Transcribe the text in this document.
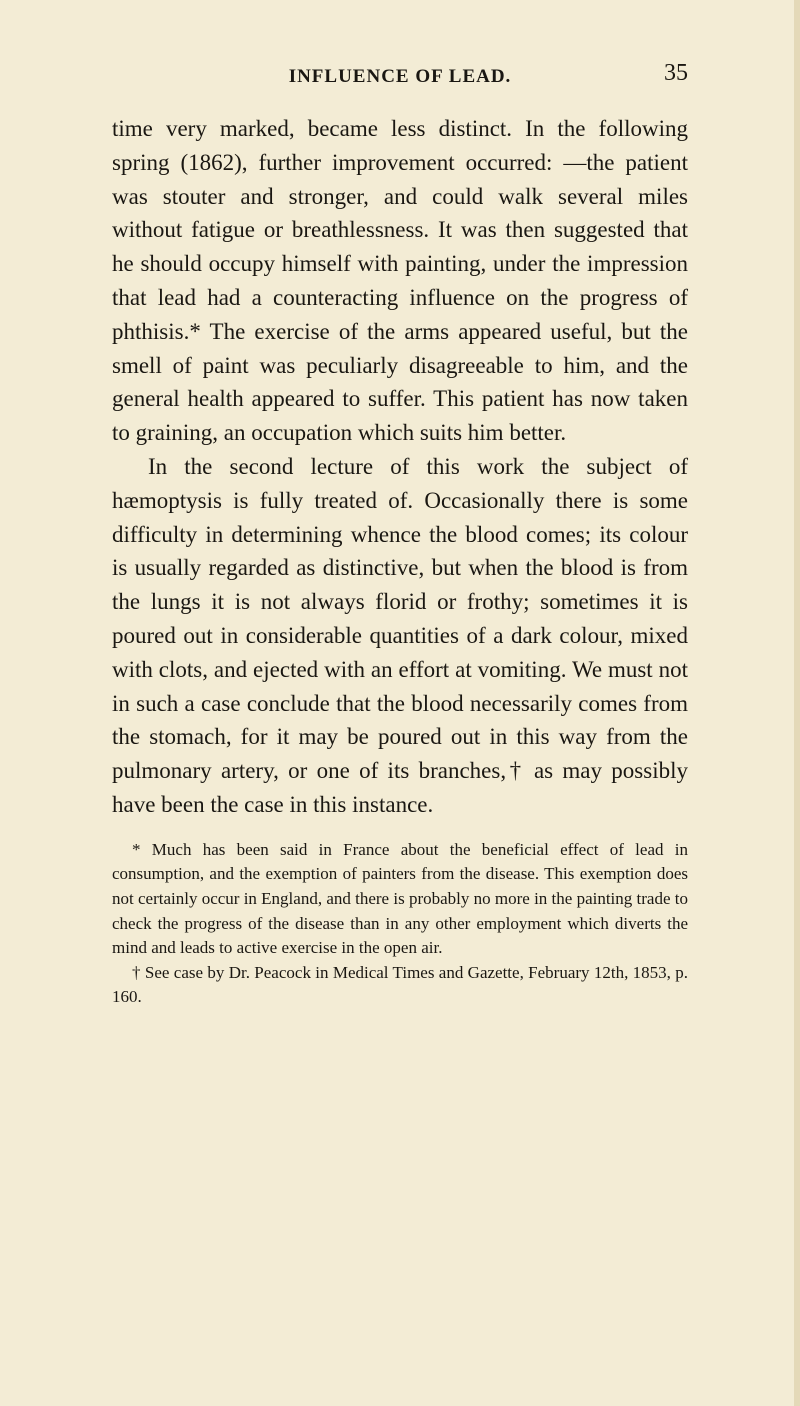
INFLUENCE OF LEAD.	35

time very marked, became less distinct. In the following spring (1862), further improvement occurred: —the patient was stouter and stronger, and could walk several miles without fatigue or breathlessness. It was then suggested that he should occupy himself with painting, under the impression that lead had a counteracting influence on the progress of phthisis.* The exercise of the arms appeared useful, but the smell of paint was peculiarly disagreeable to him, and the general health appeared to suffer. This patient has now taken to graining, an occupation which suits him better.

In the second lecture of this work the subject of hæmoptysis is fully treated of. Occasionally there is some difficulty in determining whence the blood comes; its colour is usually regarded as distinctive, but when the blood is from the lungs it is not always florid or frothy; sometimes it is poured out in considerable quantities of a dark colour, mixed with clots, and ejected with an effort at vomiting. We must not in such a case conclude that the blood necessarily comes from the stomach, for it may be poured out in this way from the pulmonary artery, or one of its branches,† as may possibly have been the case in this instance.

* Much has been said in France about the beneficial effect of lead in consumption, and the exemption of painters from the disease. This exemption does not certainly occur in England, and there is probably no more in the painting trade to check the progress of the disease than in any other employment which diverts the mind and leads to active exercise in the open air.

† See case by Dr. Peacock in Medical Times and Gazette, February 12th, 1853, p. 160.
